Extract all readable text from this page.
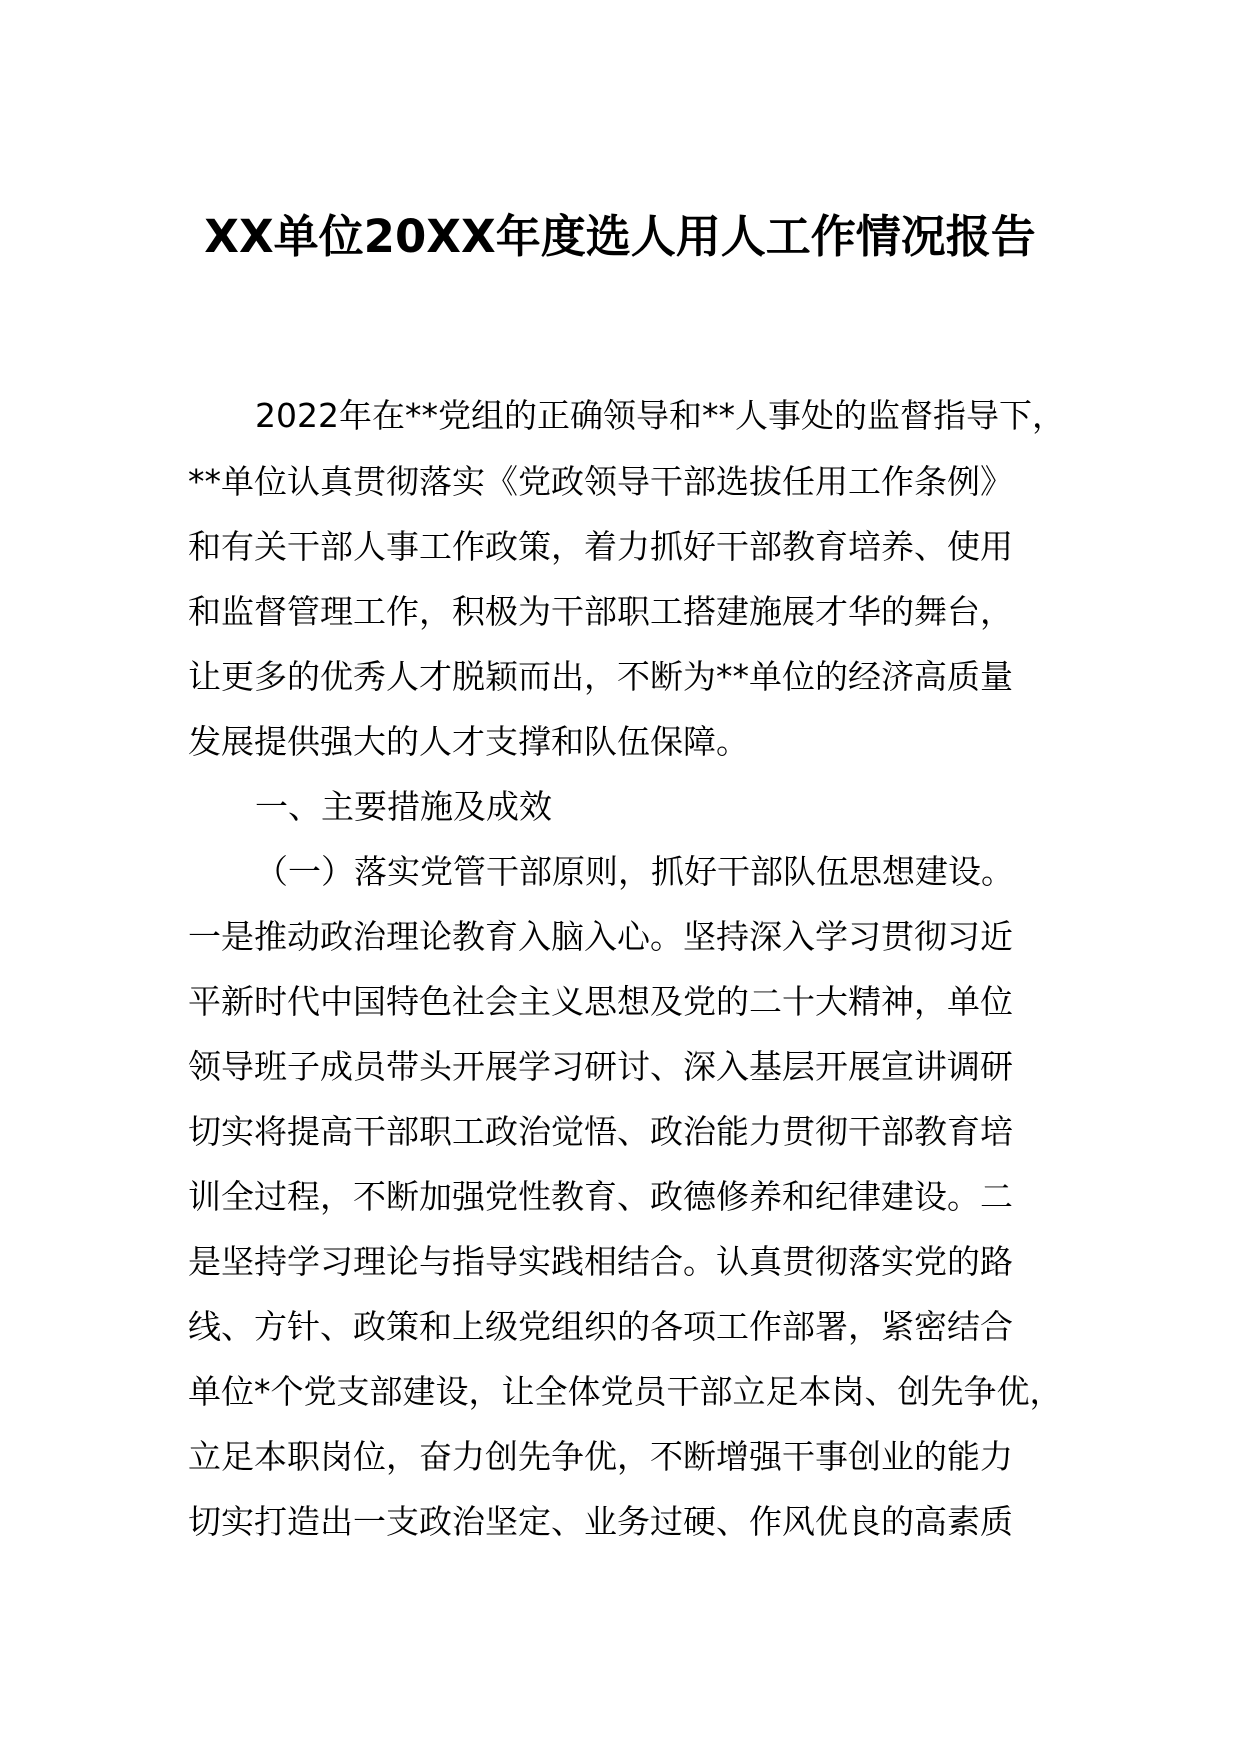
XX单位20XX年度选人用人工作情况报告
2022年在**党组的正确领导和**人事处的监督指导下，
**单位认真贯彻落实《党政领导干部选拔任用工作条例》
和有关干部人事工作政策，着力抓好干部教育培养、使用
和监督管理工作，积极为干部职工搭建施展才华的舞台，
让更多的优秀人才脱颖而出，不断为**单位的经济高质量
发展提供强大的人才支撑和队伍保障。
一、主要措施及成效
（一）落实党管干部原则，抓好干部队伍思想建设。
一是推动政治理论教育入脑入心。坚持深入学习贯彻习近
平新时代中国特色社会主义思想及党的二十大精神，单位
领导班子成员带头开展学习研讨、深入基层开展宣讲调研
切实将提高干部职工政治觉悟、政治能力贯彻干部教育培
训全过程，不断加强党性教育、政德修养和纪律建设。二
是坚持学习理论与指导实践相结合。认真贯彻落实党的路
线、方针、政策和上级党组织的各项工作部署，紧密结合
单位*个党支部建设，让全体党员干部立足本岗、创先争优，
立足本职岗位，奋力创先争优，不断增强干事创业的能力
切实打造出一支政治坚定、业务过硬、作风优良的高素质
